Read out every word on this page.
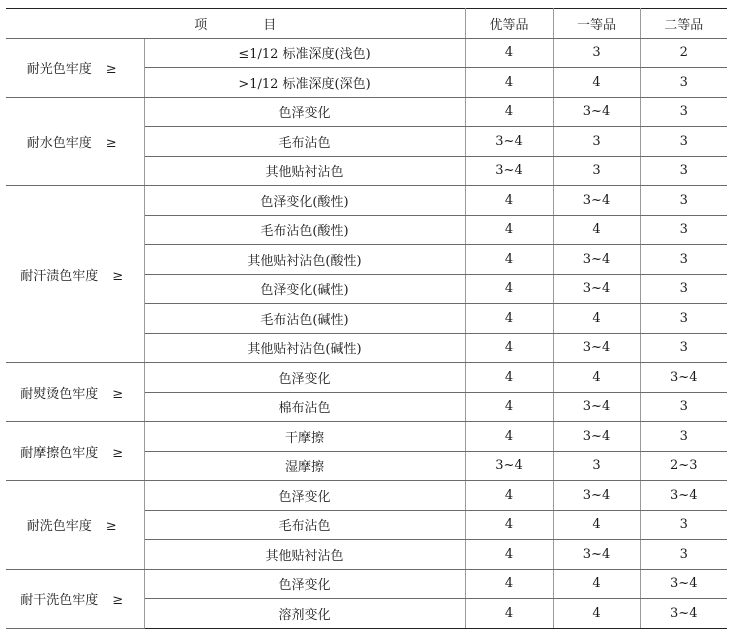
项 目		优等品	一等品	二等品
耐光色牢度 ≥	≤1/12 标准深度(浅色)	4	3	2
	>1/12 标准深度(深色)	4	4	3
耐水色牢度 ≥	色泽变化	4	3~4	3
	毛布沾色	3~4	3	3
	其他贴衬沾色	3~4	3	3
耐汗渍色牢度 ≥	色泽变化(酸性)	4	3~4	3
	毛布沾色(酸性)	4	4	3
	其他贴衬沾色(酸性)	4	3~4	3
	色泽变化(碱性)	4	3~4	3
	毛布沾色(碱性)	4	4	3
	其他贴衬沾色(碱性)	4	3~4	3
耐熨烫色牢度 ≥	色泽变化	4	4	3~4
	棉布沾色	4	3~4	3
耐摩擦色牢度 ≥	干摩擦	4	3~4	3
	湿摩擦	3~4	3	2~3
耐洗色牢度 ≥	色泽变化	4	3~4	3~4
	毛布沾色	4	4	3
	其他贴衬沾色	4	3~4	3
耐干洗色牢度 ≥	色泽变化	4	4	3~4
	溶剂变化	4	4	3~4
